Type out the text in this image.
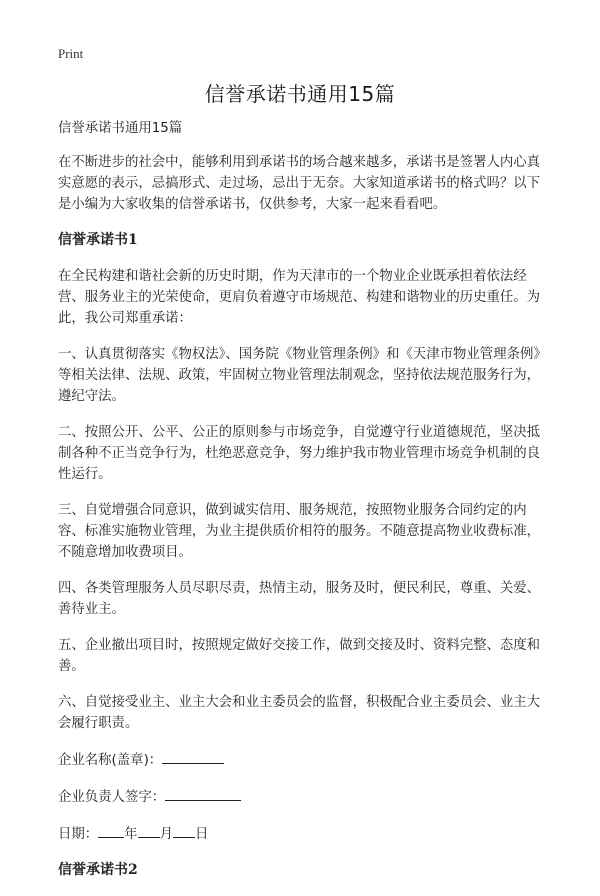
Print
信誉承诺书通用15篇

信誉承诺书通用15篇

在不断进步的社会中，能够利用到承诺书的场合越来越多，承诺书是签署人内心真实意愿的表示，忌搞形式、走过场，忌出于无奈。大家知道承诺书的格式吗？以下是小编为大家收集的信誉承诺书，仅供参考，大家一起来看看吧。

信誉承诺书1

在全民构建和谐社会新的历史时期，作为天津市的一个物业企业既承担着依法经营、服务业主的光荣使命，更肩负着遵守市场规范、构建和谐物业的历史重任。为此，我公司郑重承诺：

一、认真贯彻落实《物权法》、国务院《物业管理条例》和《天津市物业管理条例》等相关法律、法规、政策，牢固树立物业管理法制观念，坚持依法规范服务行为，遵纪守法。

二、按照公开、公平、公正的原则参与市场竞争，自觉遵守行业道德规范，坚决抵制各种不正当竞争行为，杜绝恶意竞争，努力维护我市物业管理市场竞争机制的良性运行。

三、自觉增强合同意识，做到诚实信用、服务规范，按照物业服务合同约定的内容、标准实施物业管理，为业主提供质价相符的服务。不随意提高物业收费标准，不随意增加收费项目。

四、各类管理服务人员尽职尽责，热情主动，服务及时，便民利民，尊重、关爱、善待业主。

五、企业撤出项目时，按照规定做好交接工作，做到交接及时、资料完整、态度和善。

六、自觉接受业主、业主大会和业主委员会的监督，积极配合业主委员会、业主大会履行职责。

企业名称(盖章)：
企业负责人签字：
日期： 年 月 日
信誉承诺书2
